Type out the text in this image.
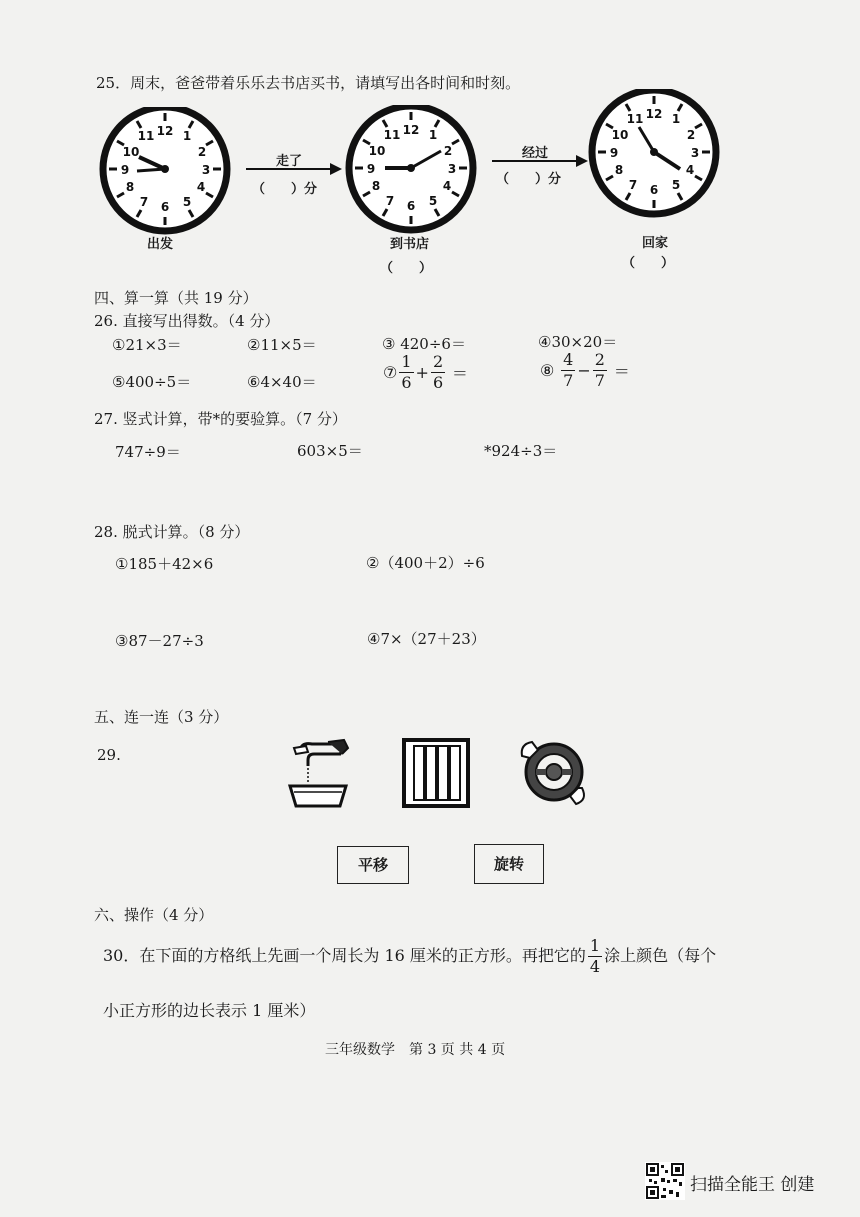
25．周末，爸爸带着乐乐去书店买书，请填写出各时间和时刻。
12 1
2
3
4
5
6
7
8
9
10
11
出发
走了
（　　）分
12 1
2
3
4
5
6
7
8
9
10
11
到书店
（　　）
经过
（　　）分
12 1
2
3
4
5
6
7
8
9
10
11
回家
（　　）
四、算一算（共 19 分）
26. 直接写出得数。（4 分）
①21×3＝	②11×5＝	③ 420÷6＝	④30×20＝
⑤400÷5＝	⑥4×40＝	⑦ $\frac{1}{6} + \frac{2}{6}$ ＝	⑧ $\frac{4}{7} - \frac{2}{7}$ ＝
27. 竖式计算，带*的要验算。（7 分）
747÷9＝	603×5＝	*924÷3＝
28. 脱式计算。（8 分）
①185＋42×6	②（400＋2）÷6
③87－27÷3	④7×（27＋23）
五、连一连（3 分）
29.
平移	旋转
六、操作（4 分）
30．在下面的方格纸上先画一个周长为 16 厘米的正方形。再把它的 $\frac{1}{4}$ 涂上颜色（每个
小正方形的边长表示 1 厘米）
三年级数学　第 3 页 共 4 页
扫描全能王 创建
